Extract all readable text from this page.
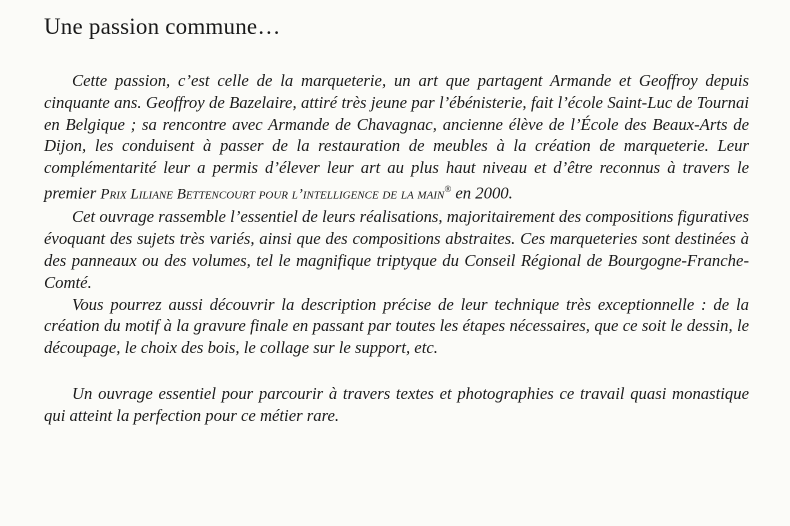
Une passion commune…

Cette passion, c’est celle de la marqueterie, un art que partagent Armande et Geoffroy depuis cinquante ans. Geoffroy de Bazelaire, attiré très jeune par l’ébénisterie, fait l’école Saint-Luc de Tournai en Belgique ; sa rencontre avec Armande de Chavagnac, ancienne élève de l’École des Beaux-Arts de Dijon, les conduisent à passer de la restauration de meubles à la création de marqueterie. Leur complémentarité leur a permis d’élever leur art au plus haut niveau et d’être reconnus à travers le premier Prix Liliane Bettencourt pour l’intelligence de la main® en 2000.

Cet ouvrage rassemble l’essentiel de leurs réalisations, majoritairement des compositions figuratives évoquant des sujets très variés, ainsi que des compositions abstraites. Ces marqueteries sont destinées à des panneaux ou des volumes, tel le magnifique triptyque du Conseil Régional de Bourgogne-Franche-Comté.

Vous pourrez aussi découvrir la description précise de leur technique très exceptionnelle : de la création du motif à la gravure finale en passant par toutes les étapes nécessaires, que ce soit le dessin, le découpage, le choix des bois, le collage sur le support, etc.

Un ouvrage essentiel pour parcourir à travers textes et photographies ce travail quasi monastique qui atteint la perfection pour ce métier rare.
